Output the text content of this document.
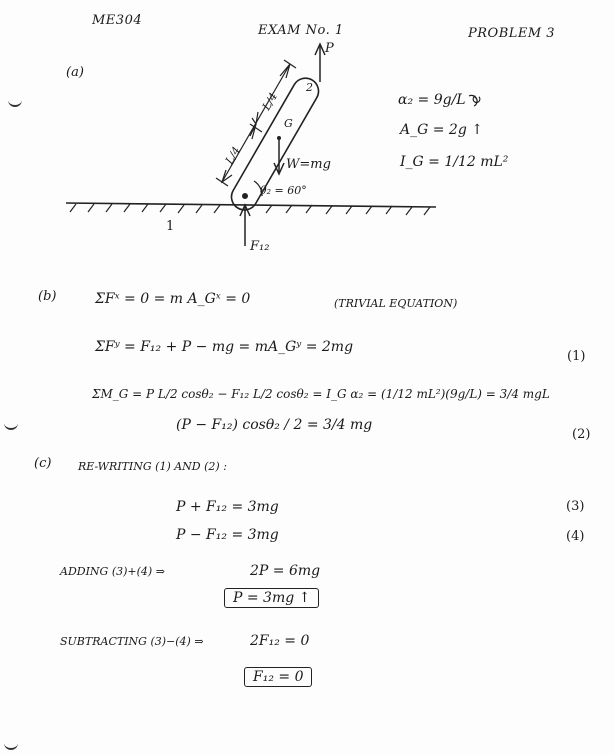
ME304
EXAM No. 1	PROBLEM 3
(a)
L/4
L/4
2
G
P
W=mg
θ₂ = 60°
1
F₁₂
α₂ = 9g/L ↻
A_G = 2g ↑
I_G = 1/12 mL²
(b)	ΣFˣ = 0 = m A_Gˣ = 0	(TRIVIAL EQUATION)
ΣFʸ = F₁₂ + P − mg = mA_Gʸ = 2mg
(1)
ΣM_G = P L/2 cosθ₂ − F₁₂ L/2 cosθ₂ = I_G α₂ = (1/12 mL²)(9g/L) = 3/4 mgL
(P − F₁₂) cosθ₂ / 2 = 3/4 mg
(2)
(c) RE-WRITING (1) AND (2) :
P + F₁₂ = 3mg	(3)
P − F₁₂ = 3mg	(4)
ADDING (3)+(4) ⇒	2P = 6mg
P = 3mg ↑
SUBTRACTING (3)−(4) ⇒	2F₁₂ = 0
F₁₂ = 0
